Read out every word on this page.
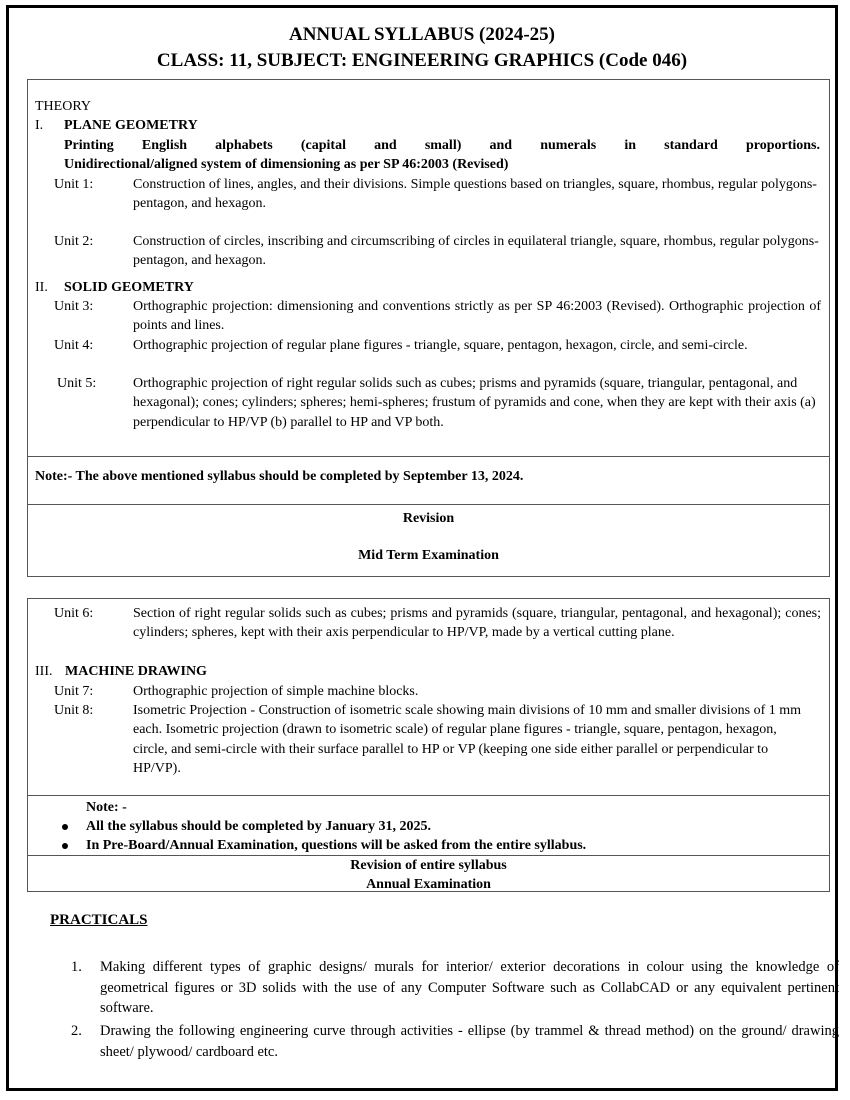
ANNUAL SYLLABUS (2024-25)
CLASS: 11, SUBJECT: ENGINEERING GRAPHICS (Code 046)
THEORY
I. PLANE GEOMETRY
Printing English alphabets (capital and small) and numerals in standard proportions.
Unidirectional/aligned system of dimensioning as per SP 46:2003 (Revised)
Unit 1:	Construction of lines, angles, and their divisions. Simple questions based on triangles, square, rhombus, regular polygons-pentagon, and hexagon.
Unit 2:	Construction of circles, inscribing and circumscribing of circles in equilateral triangle, square, rhombus, regular polygons-pentagon, and hexagon.
II. SOLID GEOMETRY
Unit 3:	Orthographic projection: dimensioning and conventions strictly as per SP 46:2003 (Revised). Orthographic projection of points and lines.
Unit 4:	Orthographic projection of regular plane figures - triangle, square, pentagon, hexagon, circle, and semi-circle.
Unit 5:	Orthographic projection of right regular solids such as cubes; prisms and pyramids (square, triangular, pentagonal, and hexagonal); cones; cylinders; spheres; hemi-spheres; frustum of pyramids and cone, when they are kept with their axis (a) perpendicular to HP/VP (b) parallel to HP and VP both.
Note:- The above mentioned syllabus should be completed by September 13, 2024.
Revision
Mid Term Examination
Unit 6:	Section of right regular solids such as cubes; prisms and pyramids (square, triangular, pentagonal, and hexagonal); cones; cylinders; spheres, kept with their axis perpendicular to HP/VP, made by a vertical cutting plane.
III. MACHINE DRAWING
Unit 7:	Orthographic projection of simple machine blocks.
Unit 8:	Isometric Projection - Construction of isometric scale showing main divisions of 10 mm and smaller divisions of 1 mm each. Isometric projection (drawn to isometric scale) of regular plane figures - triangle, square, pentagon, hexagon, circle, and semi-circle with their surface parallel to HP or VP (keeping one side either parallel or perpendicular to HP/VP).
Note: -
All the syllabus should be completed by January 31, 2025.
In Pre-Board/Annual Examination, questions will be asked from the entire syllabus.
Revision of entire syllabus
Annual Examination
PRACTICALS
1. Making different types of graphic designs/ murals for interior/ exterior decorations in colour using the knowledge of geometrical figures or 3D solids with the use of any Computer Software such as CollabCAD or any equivalent pertinent software.
2. Drawing the following engineering curve through activities - ellipse (by trammel & thread method) on the ground/ drawing sheet/ plywood/ cardboard etc.
